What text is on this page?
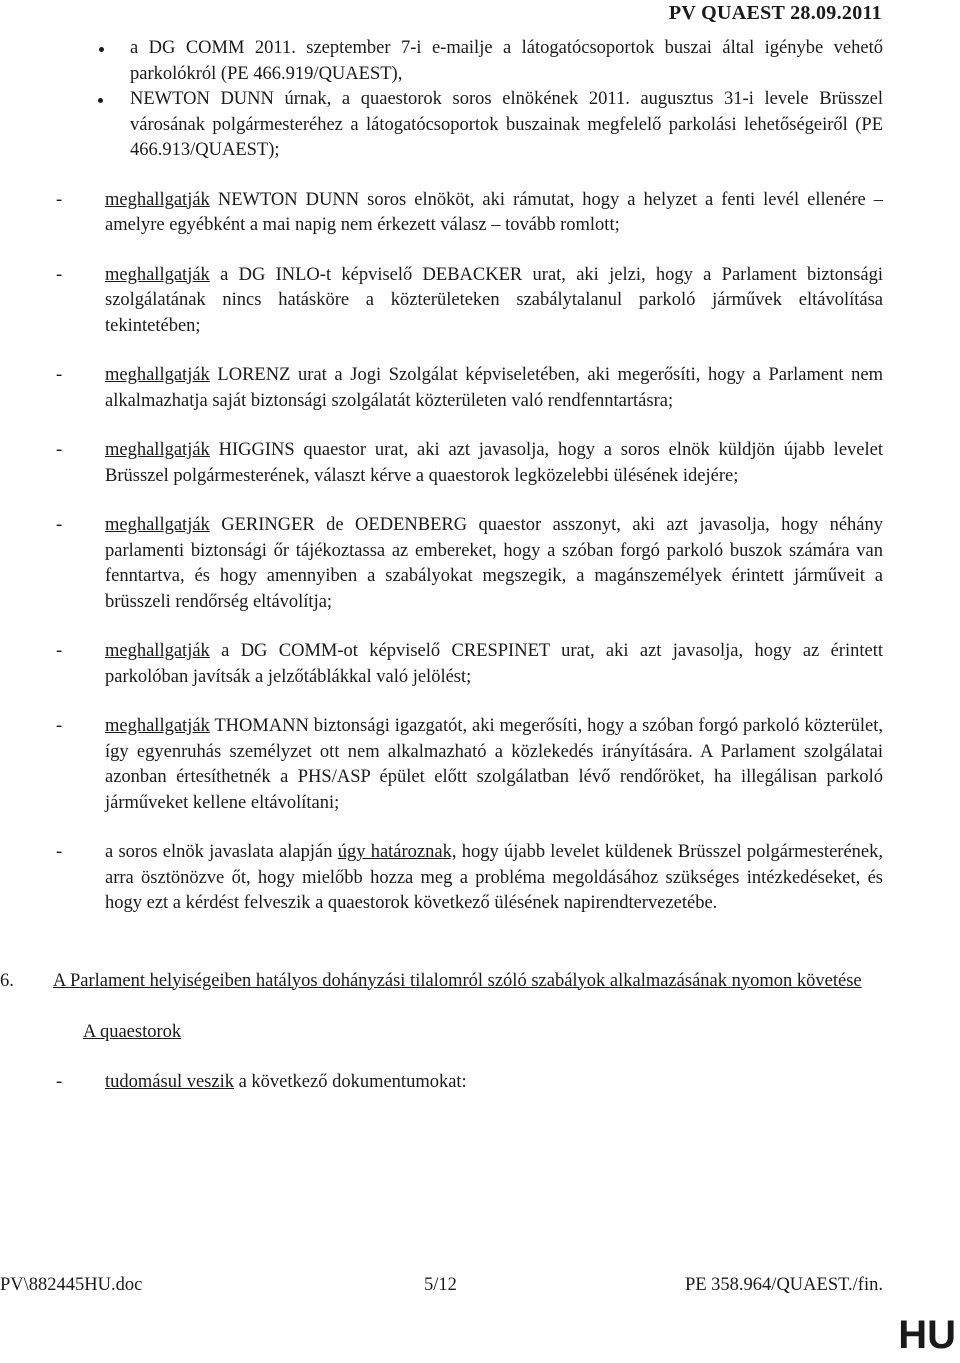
PV QUAEST 28.09.2011
a DG COMM 2011. szeptember 7-i e-mailje a látogatócsoportok buszai által igénybe vehető parkolókról (PE 466.919/QUAEST),
NEWTON DUNN úrnak, a quaestorok soros elnökének 2011. augusztus 31-i levele Brüsszel városának polgármesteréhez a látogatócsoportok buszainak megfelelő parkolási lehetőségeiről (PE 466.913/QUAEST);
- meghallgatják NEWTON DUNN soros elnököt, aki rámutat, hogy a helyzet a fenti levél ellenére – amelyre egyébként a mai napig nem érkezett válasz – tovább romlott;
- meghallgatják a DG INLO-t képviselő DEBACKER urat, aki jelzi, hogy a Parlament biztonsági szolgálatának nincs hatásköre a közterületeken szabálytalanul parkoló járművek eltávolítása tekintetében;
- meghallgatják LORENZ urat a Jogi Szolgálat képviseletében, aki megerősíti, hogy a Parlament nem alkalmazhatja saját biztonsági szolgálatát közterületen való rendfenntartásra;
- meghallgatják HIGGINS quaestor urat, aki azt javasolja, hogy a soros elnök küldjön újabb levelet Brüsszel polgármesterének, választ kérve a quaestorok legközelebbi ülésének idejére;
- meghallgatják GERINGER de OEDENBERG quaestor asszonyt, aki azt javasolja, hogy néhány parlamenti biztonsági őr tájékoztassa az embereket, hogy a szóban forgó parkoló buszok számára van fenntartva, és hogy amennyiben a szabályokat megszegik, a magánszemélyek érintett járműveit a brüsszeli rendőrség eltávolítja;
- meghallgatják a DG COMM-ot képviselő CRESPINET urat, aki azt javasolja, hogy az érintett parkolóban javítsák a jelzőtáblákkal való jelölést;
- meghallgatják THOMANN biztonsági igazgatót, aki megerősíti, hogy a szóban forgó parkoló közterület, így egyenruhás személyzet ott nem alkalmazható a közlekedés irányítására. A Parlament szolgálatai azonban értesíthetnék a PHS/ASP épület előtt szolgálatban lévő rendőröket, ha illegálisan parkoló járműveket kellene eltávolítani;
- a soros elnök javaslata alapján úgy határoznak, hogy újabb levelet küldenek Brüsszel polgármesterének, arra ösztönözve őt, hogy mielőbb hozza meg a probléma megoldásához szükséges intézkedéseket, és hogy ezt a kérdést felveszik a quaestorok következő ülésének napirendtervezetébe.
6.	A Parlament helyiségeiben hatályos dohányzási tilalomról szóló szabályok alkalmazásának nyomon követése
A quaestorok
- tudomásul veszik a következő dokumentumokat:
PV\882445HU.doc	5/12	PE 358.964/QUAEST./fin.
HU
